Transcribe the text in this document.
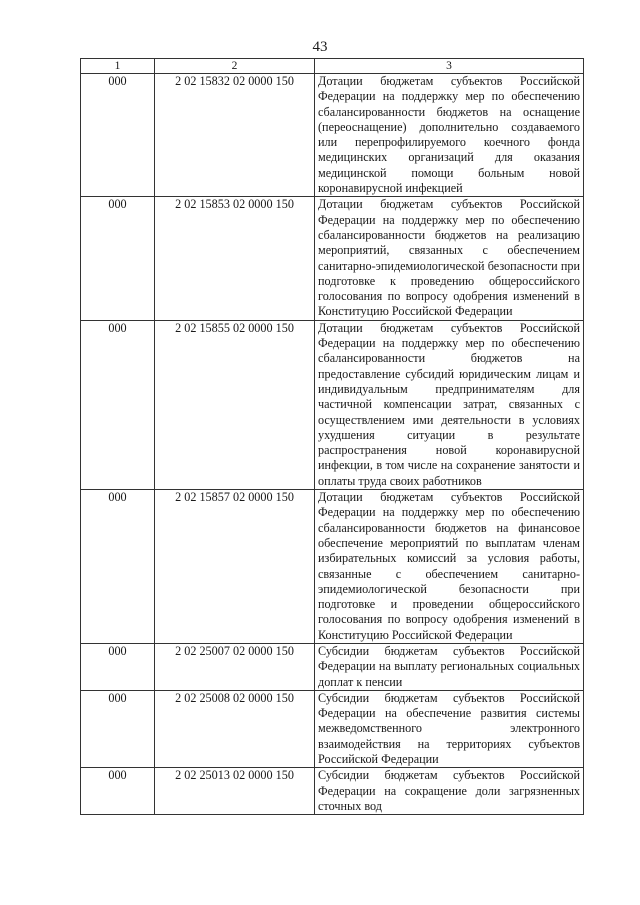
43
1	2	3
000	2 02 15832 02 0000 150	Дотации бюджетам субъектов Российской Федерации на поддержку мер по обеспечению сбалансированности бюджетов на оснащение (переоснащение) дополнительно создаваемого или перепрофилируемого коечного фонда медицинских организаций для оказания медицинской помощи больным новой коронавирусной инфекцией
000	2 02 15853 02 0000 150	Дотации бюджетам субъектов Российской Федерации на поддержку мер по обеспечению сбалансированности бюджетов на реализацию мероприятий, связанных с обеспечением санитарно-эпидемиологической безопасности при подготовке к проведению общероссийского голосования по вопросу одобрения изменений в Конституцию Российской Федерации
000	2 02 15855 02 0000 150	Дотации бюджетам субъектов Российской Федерации на поддержку мер по обеспечению сбалансированности бюджетов на предоставление субсидий юридическим лицам и индивидуальным предпринимателям для частичной компенсации затрат, связанных с осуществлением ими деятельности в условиях ухудшения ситуации в результате распространения новой коронавирусной инфекции, в том числе на сохранение занятости и оплаты труда своих работников
000	2 02 15857 02 0000 150	Дотации бюджетам субъектов Российской Федерации на поддержку мер по обеспечению сбалансированности бюджетов на финансовое обеспечение мероприятий по выплатам членам избирательных комиссий за условия работы, связанные с обеспечением санитарно-эпидемиологической безопасности при подготовке и проведении общероссийского голосования по вопросу одобрения изменений в Конституцию Российской Федерации
000	2 02 25007 02 0000 150	Субсидии бюджетам субъектов Российской Федерации на выплату региональных социальных доплат к пенсии
000	2 02 25008 02 0000 150	Субсидии бюджетам субъектов Российской Федерации на обеспечение развития системы межведомственного электронного взаимодействия на территориях субъектов Российской Федерации
000	2 02 25013 02 0000 150	Субсидии бюджетам субъектов Российской Федерации на сокращение доли загрязненных сточных вод
